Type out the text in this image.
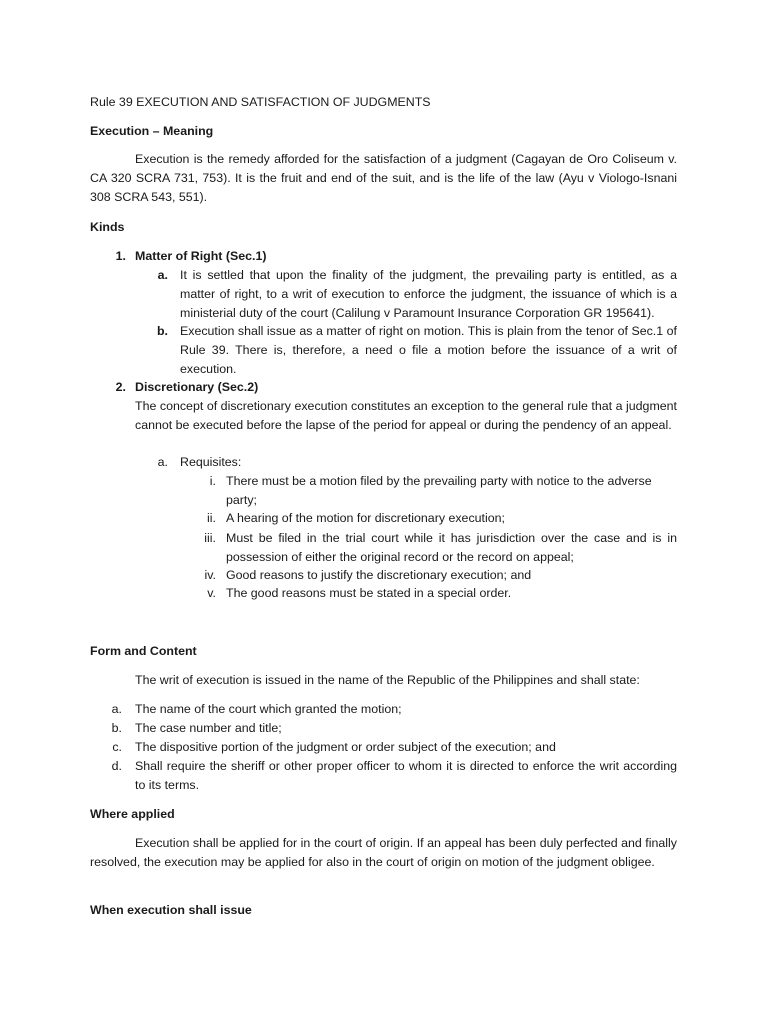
Rule 39 EXECUTION AND SATISFACTION OF JUDGMENTS

Execution – Meaning

Execution is the remedy afforded for the satisfaction of a judgment (Cagayan de Oro Coliseum v. CA 320 SCRA 731, 753). It is the fruit and end of the suit, and is the life of the law (Ayu v Viologo-Isnani 308 SCRA 543, 551).

Kinds

1. Matter of Right (Sec.1)

a. It is settled that upon the finality of the judgment, the prevailing party is entitled, as a matter of right, to a writ of execution to enforce the judgment, the issuance of which is a ministerial duty of the court (Calilung v Paramount Insurance Corporation GR 195641).

b. Execution shall issue as a matter of right on motion. This is plain from the tenor of Sec.1 of Rule 39. There is, therefore, a need o file a motion before the issuance of a writ of execution.

2. Discretionary (Sec.2)

The concept of discretionary execution constitutes an exception to the general rule that a judgment cannot be executed before the lapse of the period for appeal or during the pendency of an appeal.

a. Requisites:

i. There must be a motion filed by the prevailing party with notice to the adverse party;

ii. A hearing of the motion for discretionary execution;

iii. Must be filed in the trial court while it has jurisdiction over the case and is in possession of either the original record or the record on appeal;

iv. Good reasons to justify the discretionary execution; and

v. The good reasons must be stated in a special order.

Form and Content

The writ of execution is issued in the name of the Republic of the Philippines and shall state:

a. The name of the court which granted the motion;

b. The case number and title;

c. The dispositive portion of the judgment or order subject of the execution; and

d. Shall require the sheriff or other proper officer to whom it is directed to enforce the writ according to its terms.

Where applied

Execution shall be applied for in the court of origin. If an appeal has been duly perfected and finally resolved, the execution may be applied for also in the court of origin on motion of the judgment obligee.

When execution shall issue
